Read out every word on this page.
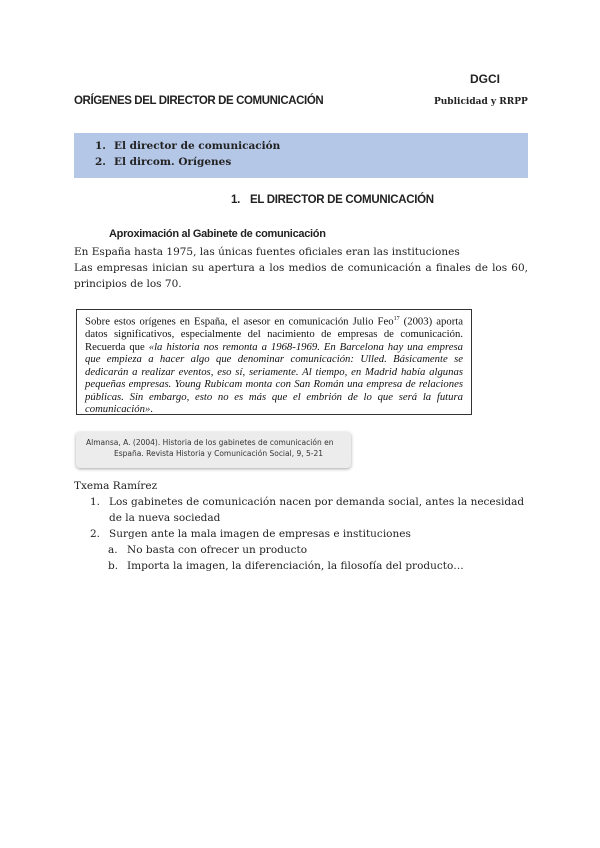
DGCI
ORÍGENES DEL DIRECTOR DE COMUNICACIÓN	Publicidad y RRPP
1. El director de comunicación
2. El dircom. Orígenes
1. EL DIRECTOR DE COMUNICACIÓN
Aproximación al Gabinete de comunicación
En España hasta 1975, las únicas fuentes oficiales eran las instituciones
Las empresas inician su apertura a los medios de comunicación a finales de los 60, principios de los 70.

Sobre estos orígenes en España, el asesor en comunicación Julio Feo$^{17}$ (2003) aporta datos significativos, especialmente del nacimiento de empresas de comunicación. Recuerda que «la historia nos remonta a 1968-1969. En Barcelona hay una empresa que empieza a hacer algo que denominar comunicación: Ulled. Básicamente se dedicarán a realizar eventos, eso sí, seriamente. Al tiempo, en Madrid había algunas pequeñas empresas. Young Rubicam monta con San Román una empresa de relaciones públicas. Sin embargo, esto no es más que el embrión de lo que será la futura comunicación».

Almansa, A. (2004). Historia de los gabinetes de comunicación en
España. Revista Historia y Comunicación Social, 9, 5-21
Txema Ramírez
1. Los gabinetes de comunicación nacen por demanda social, antes la necesidad de la nueva sociedad
2. Surgen ante la mala imagen de empresas e instituciones
a. No basta con ofrecer un producto
b. Importa la imagen, la diferenciación, la filosofía del producto…
